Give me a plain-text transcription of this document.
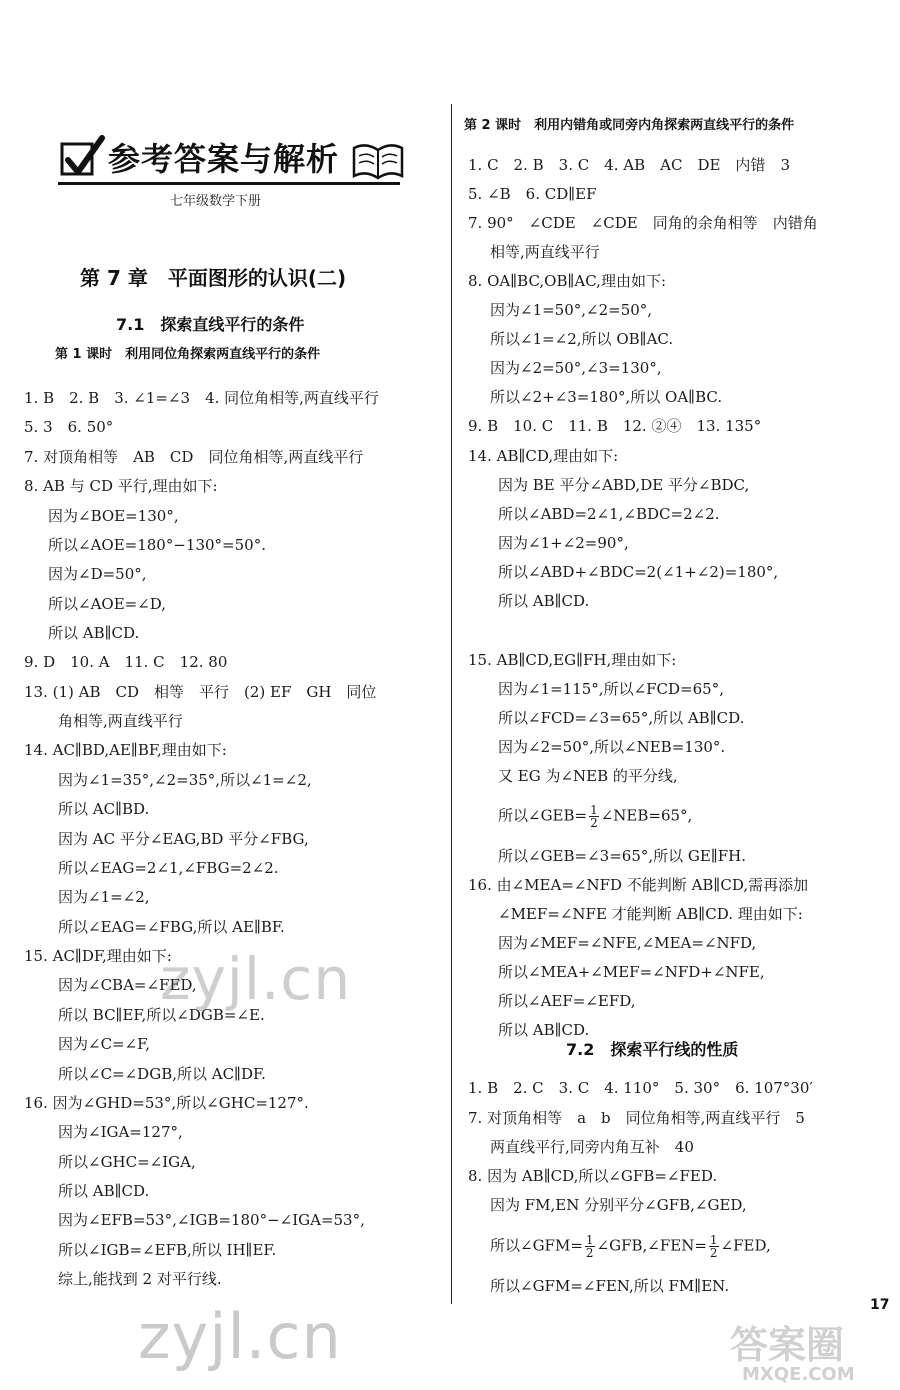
参考答案与解析
七年级数学下册
第 7 章　平面图形的认识(二)
7.1　探索直线平行的条件
第 1 课时　利用同位角探索两直线平行的条件
1. B　2. B　3. ∠1=∠3　4. 同位角相等,两直线平行
5. 3　6. 50°
7. 对顶角相等　AB　CD　同位角相等,两直线平行
8. AB 与 CD 平行,理由如下:
因为∠BOE=130°,
所以∠AOE=180°−130°=50°.
因为∠D=50°,
所以∠AOE=∠D,
所以 AB∥CD.
9. D　10. A　11. C　12. 80
13. (1) AB　CD　相等　平行　(2) EF　GH　同位
角相等,两直线平行
14. AC∥BD,AE∥BF,理由如下:
因为∠1=35°,∠2=35°,所以∠1=∠2,
所以 AC∥BD.
因为 AC 平分∠EAG,BD 平分∠FBG,
所以∠EAG=2∠1,∠FBG=2∠2.
因为∠1=∠2,
所以∠EAG=∠FBG,所以 AE∥BF.
15. AC∥DF,理由如下:
因为∠CBA=∠FED,
所以 BC∥EF,所以∠DGB=∠E.
因为∠C=∠F,
所以∠C=∠DGB,所以 AC∥DF.
16. 因为∠GHD=53°,所以∠GHC=127°.
因为∠IGA=127°,
所以∠GHC=∠IGA,
所以 AB∥CD.
因为∠EFB=53°,∠IGB=180°−∠IGA=53°,
所以∠IGB=∠EFB,所以 IH∥EF.
综上,能找到 2 对平行线.
第 2 课时　利用内错角或同旁内角探索两直线平行的条件
1. C　2. B　3. C　4. AB　AC　DE　内错　3
5. ∠B　6. CD∥EF
7. 90°　∠CDE　∠CDE　同角的余角相等　内错角
相等,两直线平行
8. OA∥BC,OB∥AC,理由如下:
因为∠1=50°,∠2=50°,
所以∠1=∠2,所以 OB∥AC.
因为∠2=50°,∠3=130°,
所以∠2+∠3=180°,所以 OA∥BC.
9. B　10. C　11. B　12. ②④　13. 135°
14. AB∥CD,理由如下:
因为 BE 平分∠ABD,DE 平分∠BDC,
所以∠ABD=2∠1,∠BDC=2∠2.
因为∠1+∠2=90°,
所以∠ABD+∠BDC=2(∠1+∠2)=180°,
所以 AB∥CD.
15. AB∥CD,EG∥FH,理由如下:
因为∠1=115°,所以∠FCD=65°,
所以∠FCD=∠3=65°,所以 AB∥CD.
因为∠2=50°,所以∠NEB=130°.
又 EG 为∠NEB 的平分线,
所以∠GEB= $\frac{1}{2}$ ∠NEB=65°,
所以∠GEB=∠3=65°,所以 GE∥FH.
16. 由∠MEA=∠NFD 不能判断 AB∥CD,需再添加
∠MEF=∠NFE 才能判断 AB∥CD. 理由如下:
因为∠MEF=∠NFE,∠MEA=∠NFD,
所以∠MEA+∠MEF=∠NFD+∠NFE,
所以∠AEF=∠EFD,
所以 AB∥CD.
7.2　探索平行线的性质
1. B　2. C　3. C　4. 110°　5. 30°　6. 107°30′
7. 对顶角相等　a　b　同位角相等,两直线平行　5
两直线平行,同旁内角互补　40
8. 因为 AB∥CD,所以∠GFB=∠FED.
因为 FM,EN 分别平分∠GFB,∠GED,
所以∠GFM= $\frac{1}{2}$ ∠GFB,∠FEN= $\frac{1}{2}$ ∠FED,
所以∠GFM=∠FEN,所以 FM∥EN.
zyjl.cn
zyjl.cn	答案圈
MXQE.COM
17
